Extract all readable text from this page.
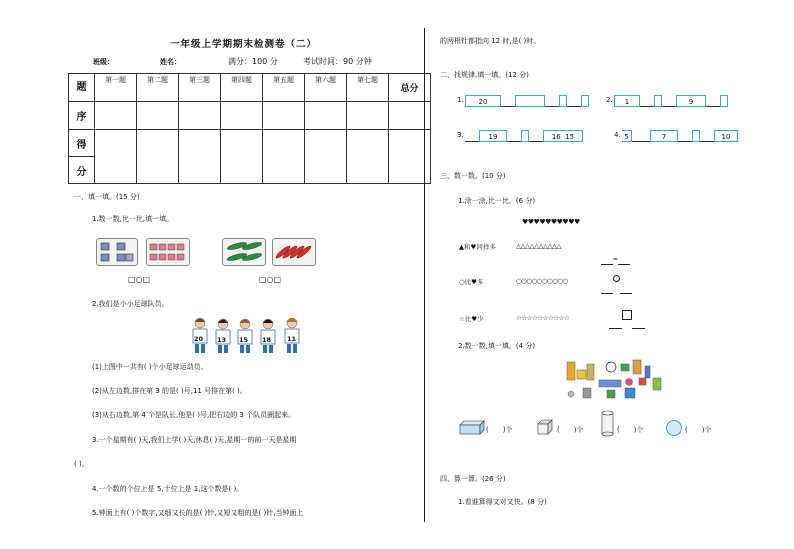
一年级上学期期末检测卷（二）
班级：	姓名：	满分：100 分	考试时间：90 分钟
题	第一题	第二题	第三题	第四题	第五题	第六题	第七题	总分
序								
得								
分								
一、填一填。(15 分)
1.数一数,比一比,填一填。
□○□	□○□
2.我们是小小足球队员。
20 13 15 18 11
(1)上图中一共有( )个小足球运动员。
(2)从左边数,排在第 3 的是( )号,11 号排在第( )。
(3)从右边数,第 4 个是队长,他是( )号,把右边的 3 个队员圈起来。
3.一个星期有( )天,我们上学( )天,休息( )天,星期一的前一天是星期
( )。
4.一个数的个位上是 5,十位上是 1,这个数是( )。
5.钟面上有( )个数字,又细又长的是( )针,又短又粗的是( )针,当钟面上
的两根针都指向 12 时,是( )时。
二、找规律,填一填。(12 分)
1.	20	2.	1	9
3.	19	16 15	4. 5	7	10
三、数一数。(10 分)
1.涂一涂,比一比。(6 分)
♥♥♥♥♥♥♥♥♥♥
▲和♥同样多	△△△△△△△△△△
=
○比♥多	○○○○○○○○○○
☆比♥少	☆☆☆☆☆☆☆☆☆☆
2.数一数,填一填。(4 分)
( )个	( )个	( )个	( )个
四、算一算。(26 分)
1.看谁算得又对又快。(8 分)
